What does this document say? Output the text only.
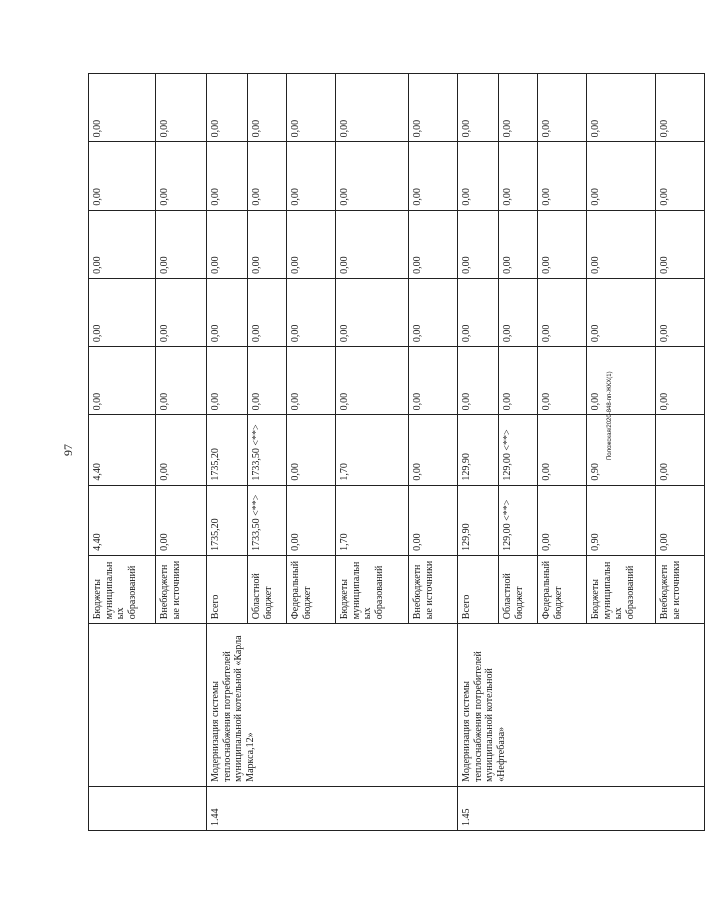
97	Положская/2020-848-пп-ЖКХ(1)
		Бюджеты муниципальных образований	4,40	4,40	0,00	0,00	0,00	0,00	0,00
		Внебюджетные источники	0,00	0,00	0,00	0,00	0,00	0,00	0,00
1.44	Модернизация системы теплоснабжения потребителей муниципальной котельной «Карла Маркса,12»	Всего	1735,20	1735,20	0,00	0,00	0,00	0,00	0,00
		Областной бюджет	1733,50 <**>	1733,50 <**>	0,00	0,00	0,00	0,00	0,00
		Федеральный бюджет	0,00	0,00	0,00	0,00	0,00	0,00	0,00
		Бюджеты муниципальных образований	1,70	1,70	0,00	0,00	0,00	0,00	0,00
		Внебюджетные источники	0,00	0,00	0,00	0,00	0,00	0,00	0,00
1.45	Модернизация системы теплоснабжения потребителей муниципальной котельной «Нефтебаза»	Всего	129,90	129,90	0,00	0,00	0,00	0,00	0,00
		Областной бюджет	129,00 <**>	129,00 <**>	0,00	0,00	0,00	0,00	0,00
		Федеральный бюджет	0,00	0,00	0,00	0,00	0,00	0,00	0,00
		Бюджеты муниципальных образований	0,90	0,90	0,00	0,00	0,00	0,00	0,00
		Внебюджетные источники	0,00	0,00	0,00	0,00	0,00	0,00	0,00
